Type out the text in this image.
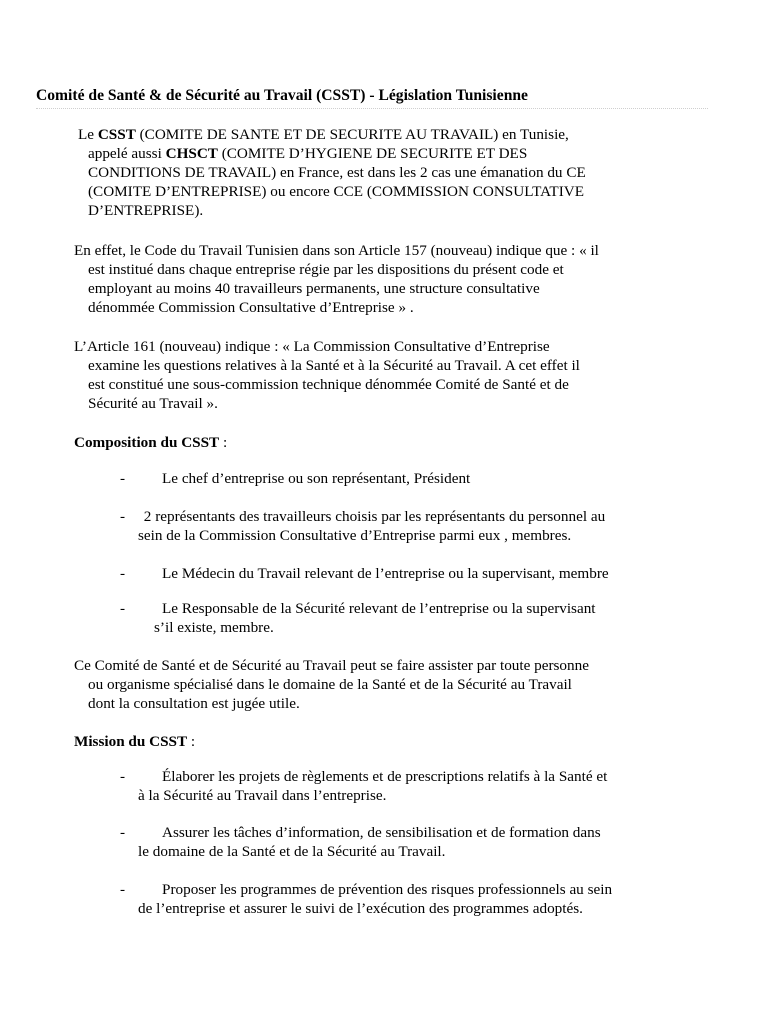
Comité de Santé & de Sécurité au Travail (CSST) - Législation Tunisienne
Le CSST (COMITE DE SANTE ET DE SECURITE AU TRAVAIL) en Tunisie,
appelé aussi CHSCT (COMITE D’HYGIENE DE SECURITE ET DES
CONDITIONS DE TRAVAIL) en France, est dans les 2 cas une émanation du CE
(COMITE D’ENTREPRISE) ou encore CCE (COMMISSION CONSULTATIVE
D’ENTREPRISE).
En effet, le Code du Travail Tunisien dans son Article 157 (nouveau) indique que : « il
est institué dans chaque entreprise régie par les dispositions du présent code et
employant au moins 40 travailleurs permanents, une structure consultative
dénommée Commission Consultative d’Entreprise » .
L’Article 161 (nouveau) indique : « La Commission Consultative d’Entreprise
examine les questions relatives à la Santé et à la Sécurité au Travail. A cet effet il
est constitué une sous-commission technique dénommée Comité de Santé et de
Sécurité au Travail ».
Composition du CSST :
- Le chef d’entreprise ou son représentant, Président
- 2 représentants des travailleurs choisis par les représentants du personnel au
sein de la Commission Consultative d’Entreprise parmi eux , membres.
- Le Médecin du Travail relevant de l’entreprise ou la supervisant, membre
- Le Responsable de la Sécurité relevant de l’entreprise ou la supervisant
s’il existe, membre.
Ce Comité de Santé et de Sécurité au Travail peut se faire assister par toute personne
ou organisme spécialisé dans le domaine de la Santé et de la Sécurité au Travail
dont la consultation est jugée utile.
Mission du CSST :
- Élaborer les projets de règlements et de prescriptions relatifs à la Santé et
à la Sécurité au Travail dans l’entreprise.
- Assurer les tâches d’information, de sensibilisation et de formation dans
le domaine de la Santé et de la Sécurité au Travail.
- Proposer les programmes de prévention des risques professionnels au sein
de l’entreprise et assurer le suivi de l’exécution des programmes adoptés.
